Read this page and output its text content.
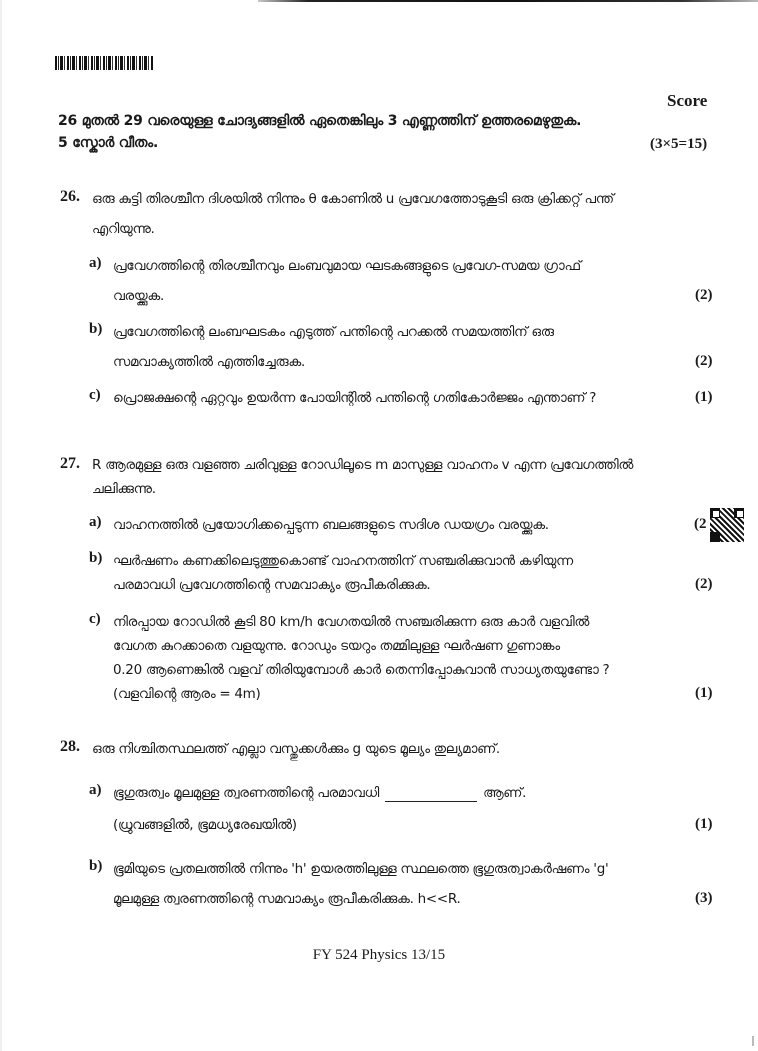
Score
26 മുതൽ 29 വരെയുള്ള ചോദ്യങ്ങളിൽ ഏതെങ്കിലും 3 എണ്ണത്തിന് ഉത്തരമെഴുതുക.
5 സ്കോർ വീതം.	(3×5=15)
26. ഒരു കുട്ടി തിരശ്ചീന ദിശയിൽ നിന്നും θ കോണിൽ u പ്രവേഗത്തോടുകൂടി ഒരു ക്രിക്കറ്റ് പന്ത്
എറിയുന്നു.
a) പ്രവേഗത്തിന്റെ തിരശ്ചീനവും ലംബവുമായ ഘടകങ്ങളുടെ പ്രവേഗ-സമയ ഗ്രാഫ്
വരയ്ക്കുക.	(2)
b) പ്രവേഗത്തിന്റെ ലംബഘടകം എടുത്ത് പന്തിന്റെ പറക്കൽ സമയത്തിന് ഒരു
സമവാക്യത്തിൽ എത്തിച്ചേരുക.	(2)
c) പ്രൊജക്ഷന്റെ ഏറ്റവും ഉയർന്ന പോയിന്റിൽ പന്തിന്റെ ഗതികോർജ്ജം എന്താണ് ?	(1)
27. R ആരമുള്ള ഒരു വളഞ്ഞ ചരിവുള്ള റോഡിലൂടെ m മാസുള്ള വാഹനം v എന്ന പ്രവേഗത്തിൽ
ചലിക്കുന്നു.
a) വാഹനത്തിൽ പ്രയോഗിക്കപ്പെടുന്ന ബലങ്ങളുടെ സദിശ ഡയഗ്രം വരയ്ക്കുക.	(2
b) ഘർഷണം കണക്കിലെടുത്തുകൊണ്ട് വാഹനത്തിന് സഞ്ചരിക്കുവാൻ കഴിയുന്ന
പരമാവധി പ്രവേഗത്തിന്റെ സമവാക്യം രൂപീകരിക്കുക.	(2)
c) നിരപ്പായ റോഡിൽ കൂടി 80 km/h വേഗതയിൽ സഞ്ചരിക്കുന്ന ഒരു കാർ വളവിൽ
വേഗത കുറക്കാതെ വളയുന്നു. റോഡും ടയറും തമ്മിലുള്ള ഘർഷണ ഗുണാങ്കം
0.20 ആണെങ്കിൽ വളവ് തിരിയുമ്പോൾ കാർ തെന്നിപ്പോകുവാൻ സാധ്യതയുണ്ടോ ?
(വളവിന്റെ ആരം = 4m)	(1)
28. ഒരു നിശ്ചിതസ്ഥലത്ത് എല്ലാ വസ്തുക്കൾക്കും g യുടെ മൂല്യം തുല്യമാണ്.
a) ഭൂഗുരുത്വം മൂലമുള്ള ത്വരണത്തിന്റെ പരമാവധി	ആണ്.
(ധ്രുവങ്ങളിൽ, ഭൂമധ്യരേഖയിൽ)	(1)
b) ഭൂമിയുടെ പ്രതലത്തിൽ നിന്നും 'h' ഉയരത്തിലുള്ള സ്ഥലത്തെ ഭൂഗുരുത്വാകർഷണം 'g'
മൂലമുള്ള ത്വരണത്തിന്റെ സമവാക്യം രൂപീകരിക്കുക. h<<R.	(3)
FY 524 Physics 13/15
